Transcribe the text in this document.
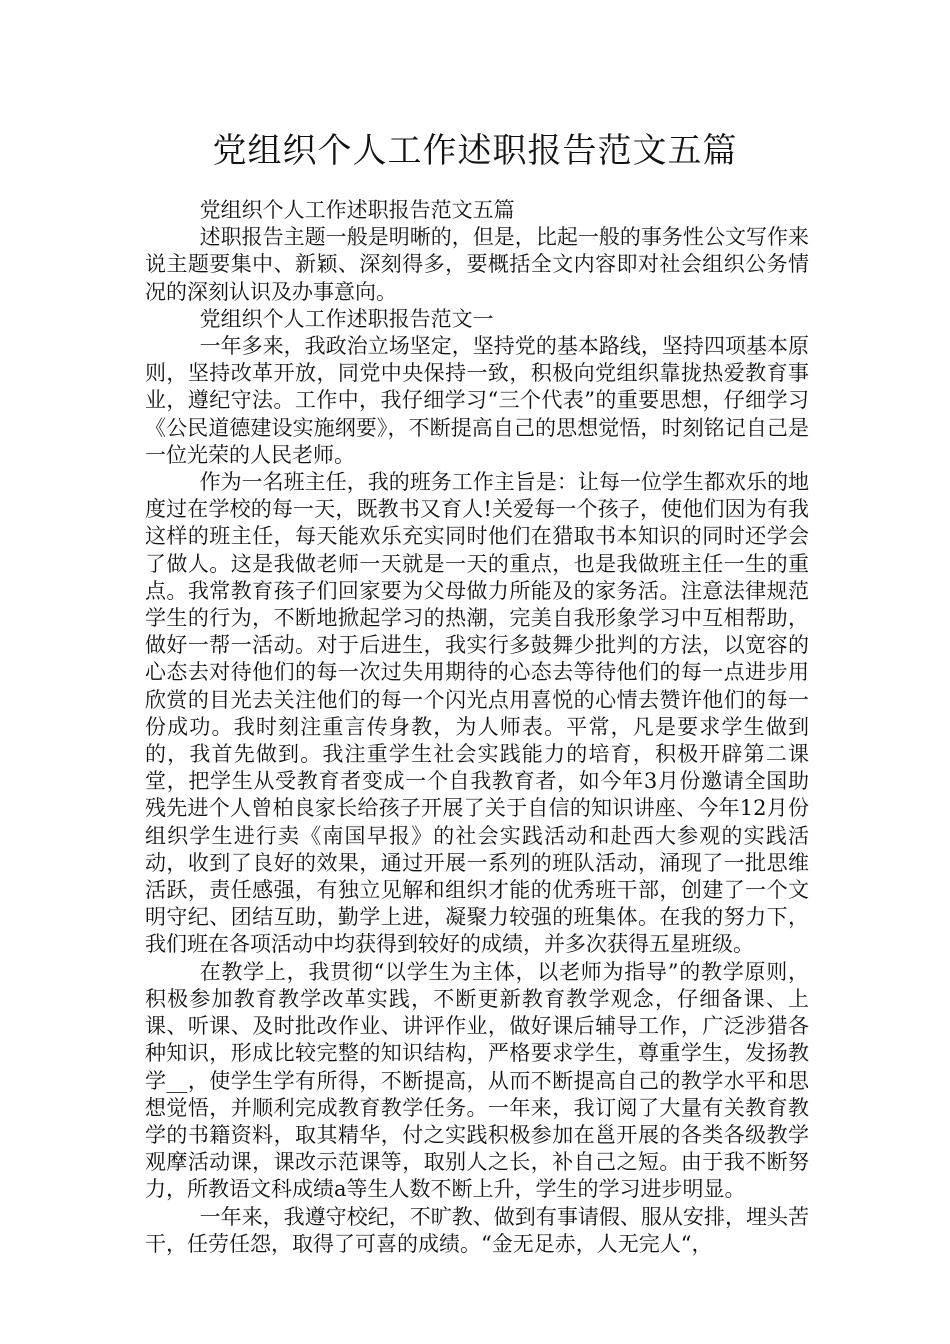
党组织个人工作述职报告范文五篇

党组织个人工作述职报告范文五篇

述职报告主题一般是明晰的，但是，比起一般的事务性公文写作来说主题要集中、新颖、深刻得多，要概括全文内容即对社会组织公务情况的深刻认识及办事意向。

党组织个人工作述职报告范文一

一年多来，我政治立场坚定，坚持党的基本路线，坚持四项基本原则，坚持改革开放，同党中央保持一致，积极向党组织靠拢热爱教育事业，遵纪守法。工作中，我仔细学习“三个代表”的重要思想，仔细学习《公民道德建设实施纲要》，不断提高自己的思想觉悟，时刻铭记自己是一位光荣的人民老师。

作为一名班主任，我的班务工作主旨是：让每一位学生都欢乐的地度过在学校的每一天，既教书又育人!关爱每一个孩子，使他们因为有我这样的班主任，每天能欢乐充实同时他们在猎取书本知识的同时还学会了做人。这是我做老师一天就是一天的重点，也是我做班主任一生的重点。我常教育孩子们回家要为父母做力所能及的家务活。注意法律规范学生的行为，不断地掀起学习的热潮，完美自我形象学习中互相帮助，做好一帮一活动。对于后进生，我实行多鼓舞少批判的方法，以宽容的心态去对待他们的每一次过失用期待的心态去等待他们的每一点进步用欣赏的目光去关注他们的每一个闪光点用喜悦的心情去赞许他们的每一份成功。我时刻注重言传身教，为人师表。平常，凡是要求学生做到的，我首先做到。我注重学生社会实践能力的培育，积极开辟第二课堂，把学生从受教育者变成一个自我教育者，如今年3月份邀请全国助残先进个人曾柏良家长给孩子开展了关于自信的知识讲座、今年12月份组织学生进行卖《南国早报》的社会实践活动和赴西大参观的实践活动，收到了良好的效果，通过开展一系列的班队活动，涌现了一批思维活跃，责任感强，有独立见解和组织才能的优秀班干部，创建了一个文明守纪、团结互助，勤学上进，凝聚力较强的班集体。在我的努力下，我们班在各项活动中均获得到较好的成绩，并多次获得五星班级。

在教学上，我贯彻“以学生为主体，以老师为指导”的教学原则，积极参加教育教学改革实践，不断更新教育教学观念，仔细备课、上课、听课、及时批改作业、讲评作业，做好课后辅导工作，广泛涉猎各种知识，形成比较完整的知识结构，严格要求学生，尊重学生，发扬教学__，使学生学有所得，不断提高，从而不断提高自己的教学水平和思想觉悟，并顺利完成教育教学任务。一年来，我订阅了大量有关教育教学的书籍资料，取其精华，付之实践积极参加在邕开展的各类各级教学观摩活动课，课改示范课等，取别人之长，补自己之短。由于我不断努力，所教语文科成绩a等生人数不断上升，学生的学习进步明显。

一年来，我遵守校纪，不旷教、做到有事请假、服从安排，埋头苦干，任劳任怨，取得了可喜的成绩。“金无足赤，人无完人“，
